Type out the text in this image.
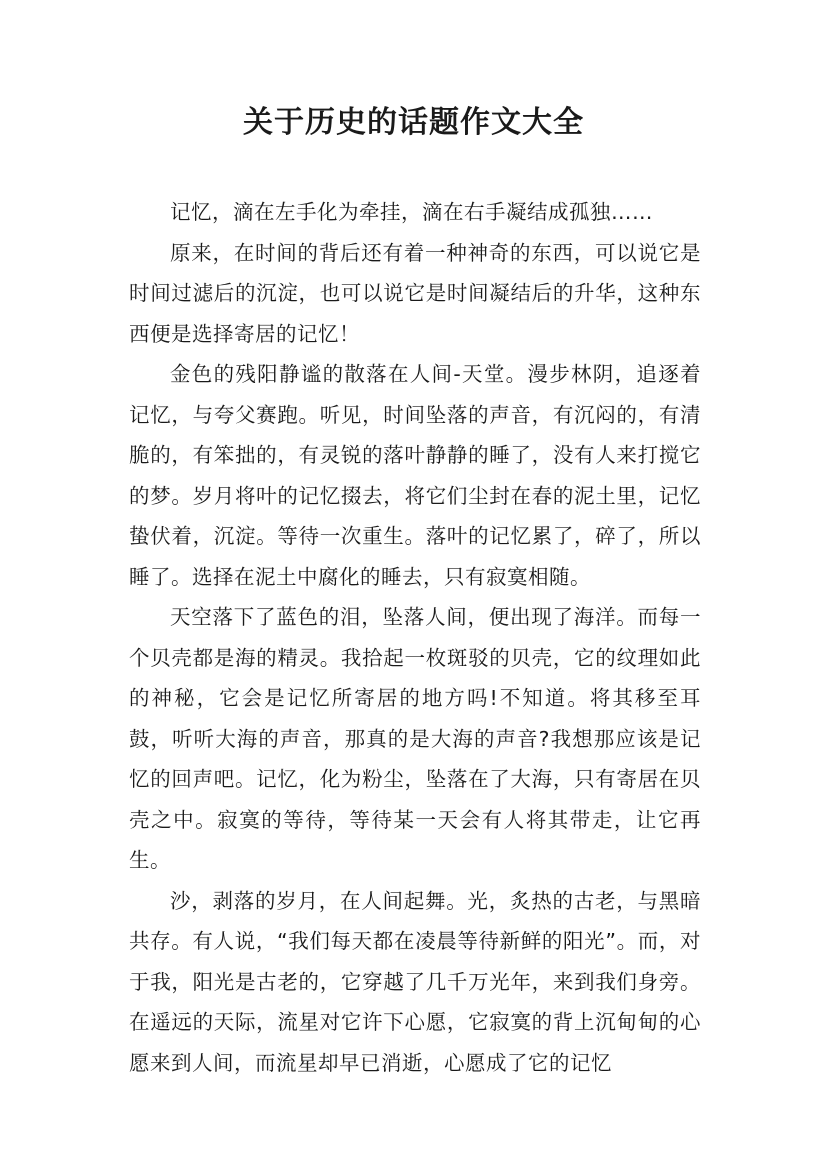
关于历史的话题作文大全

记忆，滴在左手化为牵挂，滴在右手凝结成孤独……

原来，在时间的背后还有着一种神奇的东西，可以说它是时间过滤后的沉淀，也可以说它是时间凝结后的升华，这种东西便是选择寄居的记忆！

金色的残阳静谧的散落在人间-天堂。漫步林阴，追逐着记忆，与夸父赛跑。听见，时间坠落的声音，有沉闷的，有清脆的，有笨拙的，有灵锐的落叶静静的睡了，没有人来打搅它的梦。岁月将叶的记忆掇去，将它们尘封在春的泥土里，记忆蛰伏着，沉淀。等待一次重生。落叶的记忆累了，碎了，所以睡了。选择在泥土中腐化的睡去，只有寂寞相随。

天空落下了蓝色的泪，坠落人间，便出现了海洋。而每一个贝壳都是海的精灵。我拾起一枚斑驳的贝壳，它的纹理如此的神秘，它会是记忆所寄居的地方吗!不知道。将其移至耳鼓，听听大海的声音，那真的是大海的声音?我想那应该是记忆的回声吧。记忆，化为粉尘，坠落在了大海，只有寄居在贝壳之中。寂寞的等待，等待某一天会有人将其带走，让它再生。

沙，剥落的岁月，在人间起舞。光，炙热的古老，与黑暗共存。有人说，“我们每天都在凌晨等待新鲜的阳光”。而，对于我，阳光是古老的，它穿越了几千万光年，来到我们身旁。在遥远的天际，流星对它许下心愿，它寂寞的背上沉甸甸的心愿来到人间，而流星却早已消逝，心愿成了它的记忆
